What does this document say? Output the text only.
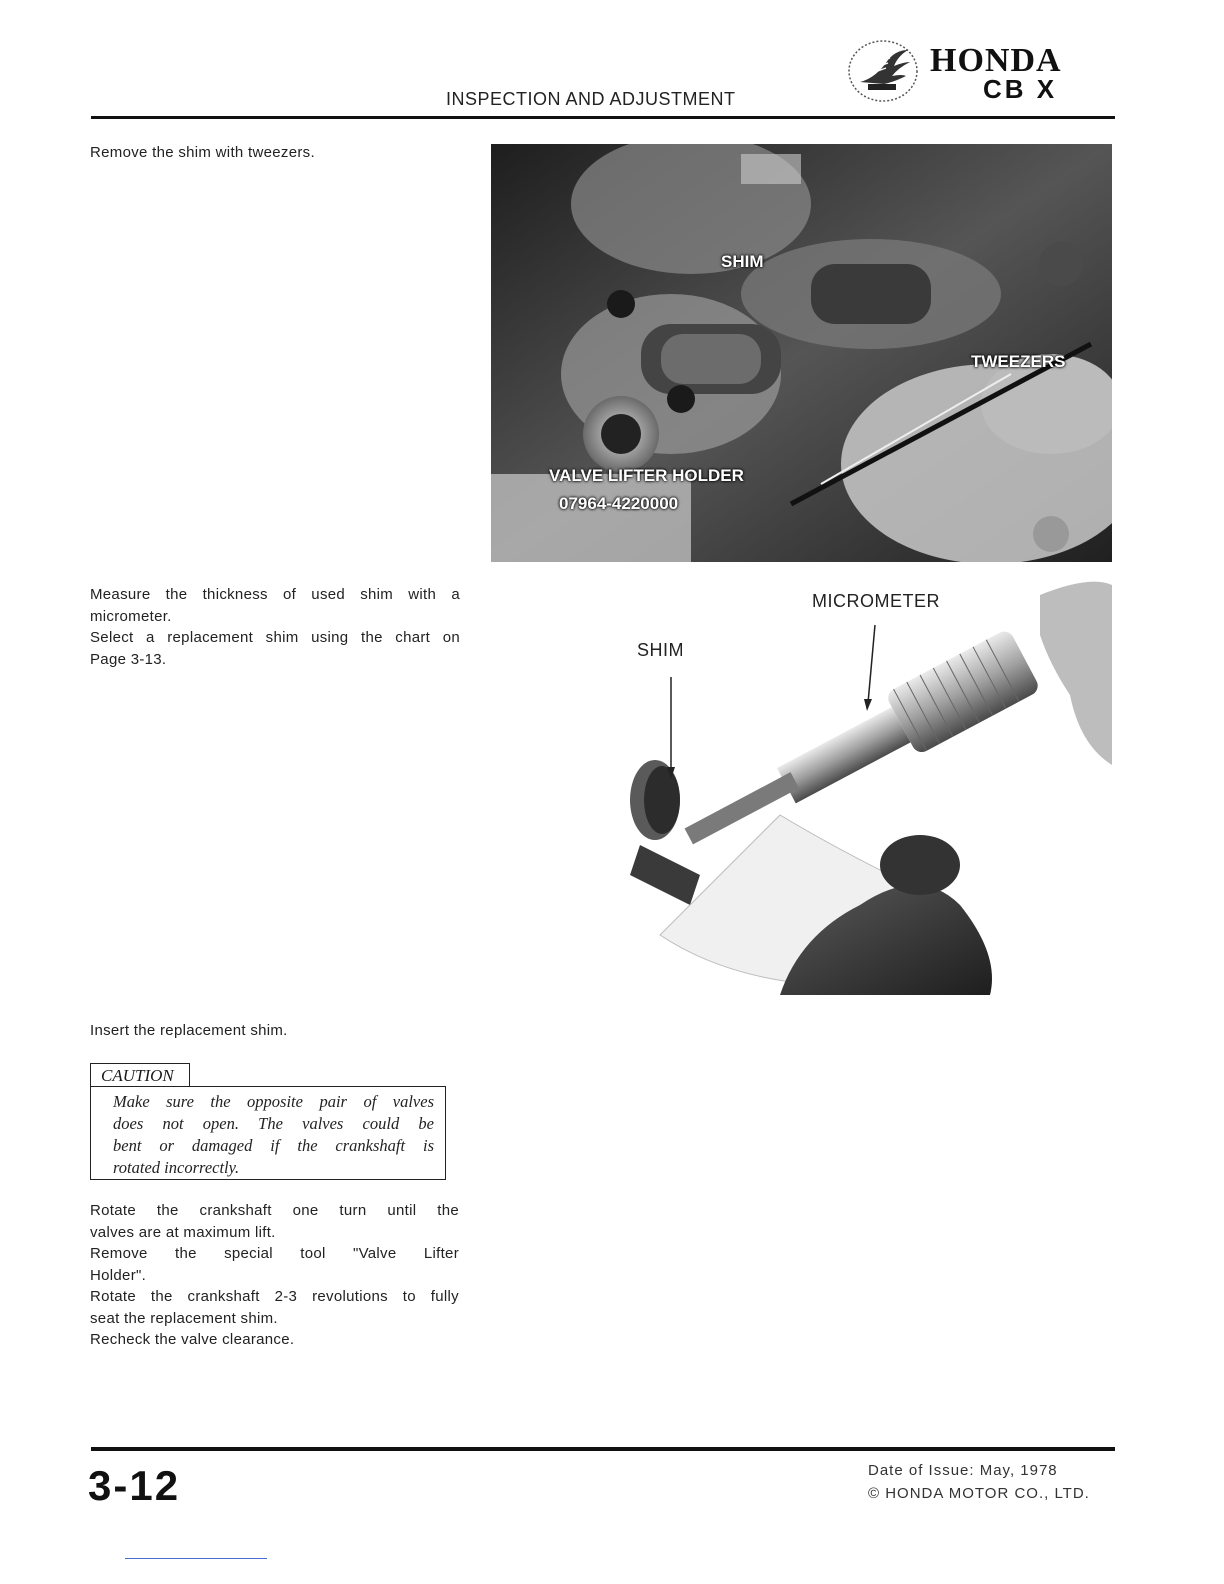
INSPECTION AND ADJUSTMENT
HONDA
CB X
Remove the shim with tweezers.
SHIM
TWEEZERS
VALVE LIFTER HOLDER
07964-4220000
Measure the thickness of used shim with a
micrometer.
Select a replacement shim using the chart on
Page 3-13.
MICROMETER
SHIM
Insert the replacement shim.
CAUTION
Make sure the opposite pair of valves
does not open. The valves could be
bent or damaged if the crankshaft is
rotated incorrectly.
Rotate the crankshaft one turn until the
valves are at maximum lift.
Remove the special tool "Valve Lifter
Holder".
Rotate the crankshaft 2-3 revolutions to fully
seat the replacement shim.
Recheck the valve clearance.
3-12	Date of Issue: May, 1978
© HONDA MOTOR CO., LTD.
